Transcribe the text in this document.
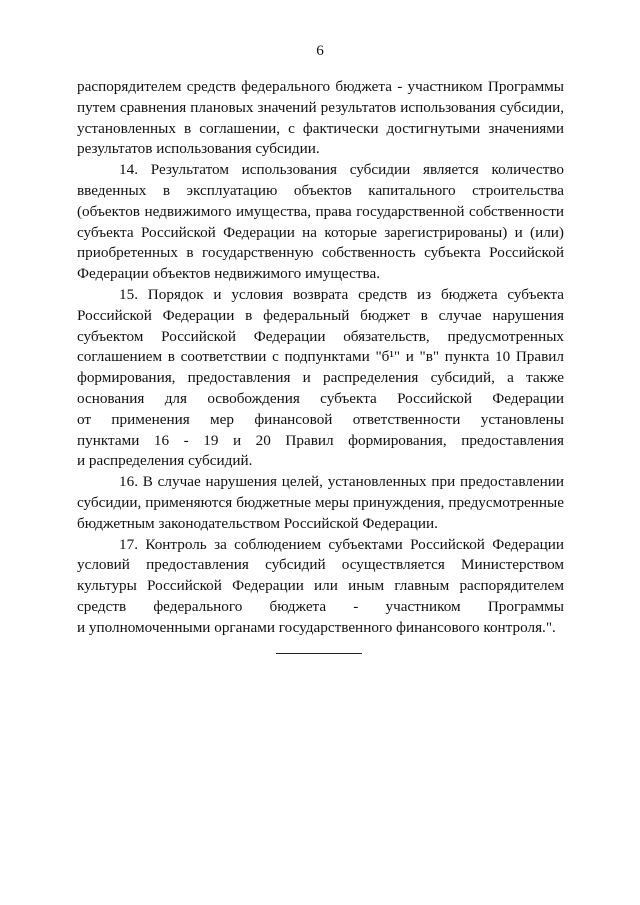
6
распорядителем средств федерального бюджета - участником Программы
путем сравнения плановых значений результатов использования субсидии,
установленных в соглашении, с фактически достигнутыми значениями
результатов использования субсидии.
14. Результатом использования субсидии является количество
введенных в эксплуатацию объектов капитального строительства
(объектов недвижимого имущества, права государственной собственности
субъекта Российской Федерации на которые зарегистрированы) и (или)
приобретенных в государственную собственность субъекта Российской
Федерации объектов недвижимого имущества.
15. Порядок и условия возврата средств из бюджета субъекта
Российской Федерации в федеральный бюджет в случае нарушения
субъектом Российской Федерации обязательств, предусмотренных
соглашением в соответствии с подпунктами "б¹" и "в" пункта 10 Правил
формирования, предоставления и распределения субсидий, а также
основания для освобождения субъекта Российской Федерации
от применения мер финансовой ответственности установлены
пунктами 16 - 19 и 20 Правил формирования, предоставления
и распределения субсидий.
16. В случае нарушения целей, установленных при предоставлении
субсидии, применяются бюджетные меры принуждения, предусмотренные
бюджетным законодательством Российской Федерации.
17. Контроль за соблюдением субъектами Российской Федерации
условий предоставления субсидий осуществляется Министерством
культуры Российской Федерации или иным главным распорядителем
средств федерального бюджета - участником Программы
и уполномоченными органами государственного финансового контроля.".
